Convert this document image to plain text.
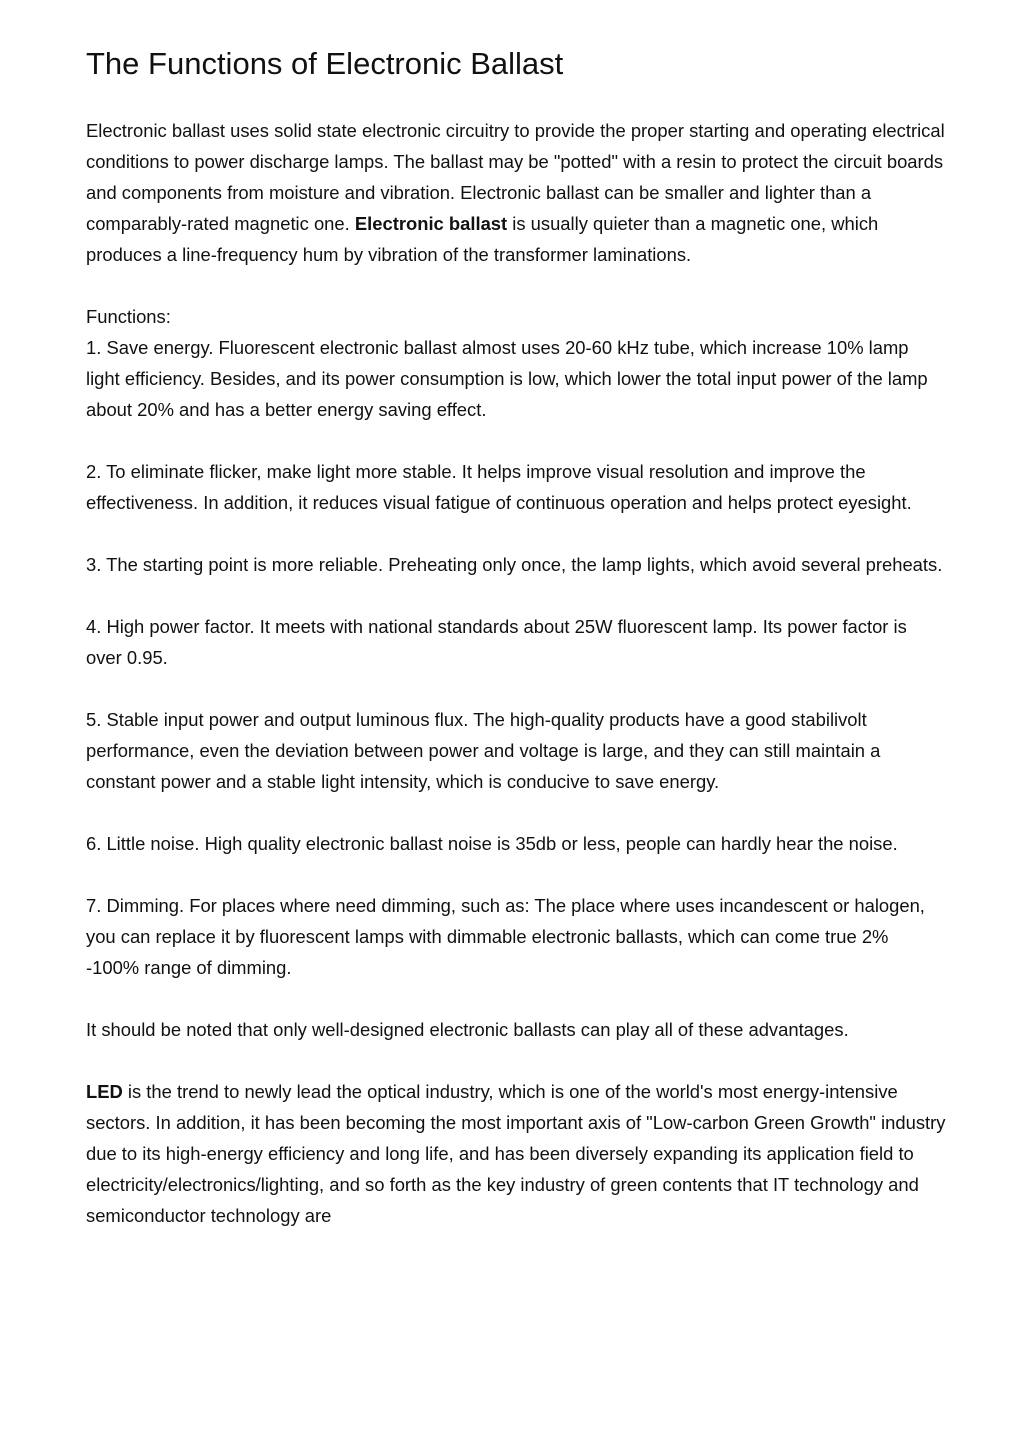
The Functions of Electronic Ballast

Electronic ballast uses solid state electronic circuitry to provide the proper starting and operating electrical conditions to power discharge lamps. The ballast may be "potted" with a resin to protect the circuit boards and components from moisture and vibration. Electronic ballast can be smaller and lighter than a comparably-rated magnetic one. Electronic ballast is usually quieter than a magnetic one, which produces a line-frequency hum by vibration of the transformer laminations.

Functions:

1. Save energy. Fluorescent electronic ballast almost uses 20-60 kHz tube, which increase 10% lamp light efficiency. Besides, and its power consumption is low, which lower the total input power of the lamp about 20% and has a better energy saving effect.

2. To eliminate flicker, make light more stable. It helps improve visual resolution and improve the effectiveness. In addition, it reduces visual fatigue of continuous operation and helps protect eyesight.

3. The starting point is more reliable. Preheating only once, the lamp lights, which avoid several preheats.

4. High power factor. It meets with national standards about 25W fluorescent lamp. Its power factor is over 0.95.

5. Stable input power and output luminous flux. The high-quality products have a good stabilivolt performance, even the deviation between power and voltage is large, and they can still maintain a constant power and a stable light intensity, which is conducive to save energy.

6. Little noise. High quality electronic ballast noise is 35db or less, people can hardly hear the noise.

7. Dimming. For places where need dimming, such as: The place where uses incandescent or halogen, you can replace it by fluorescent lamps with dimmable electronic ballasts, which can come true 2% -100% range of dimming.

It should be noted that only well-designed electronic ballasts can play all of these advantages.

LED is the trend to newly lead the optical industry, which is one of the world's most energy-intensive sectors. In addition, it has been becoming the most important axis of "Low-carbon Green Growth" industry due to its high-energy efficiency and long life, and has been diversely expanding its application field to electricity/electronics/lighting, and so forth as the key industry of green contents that IT technology and semiconductor technology are
